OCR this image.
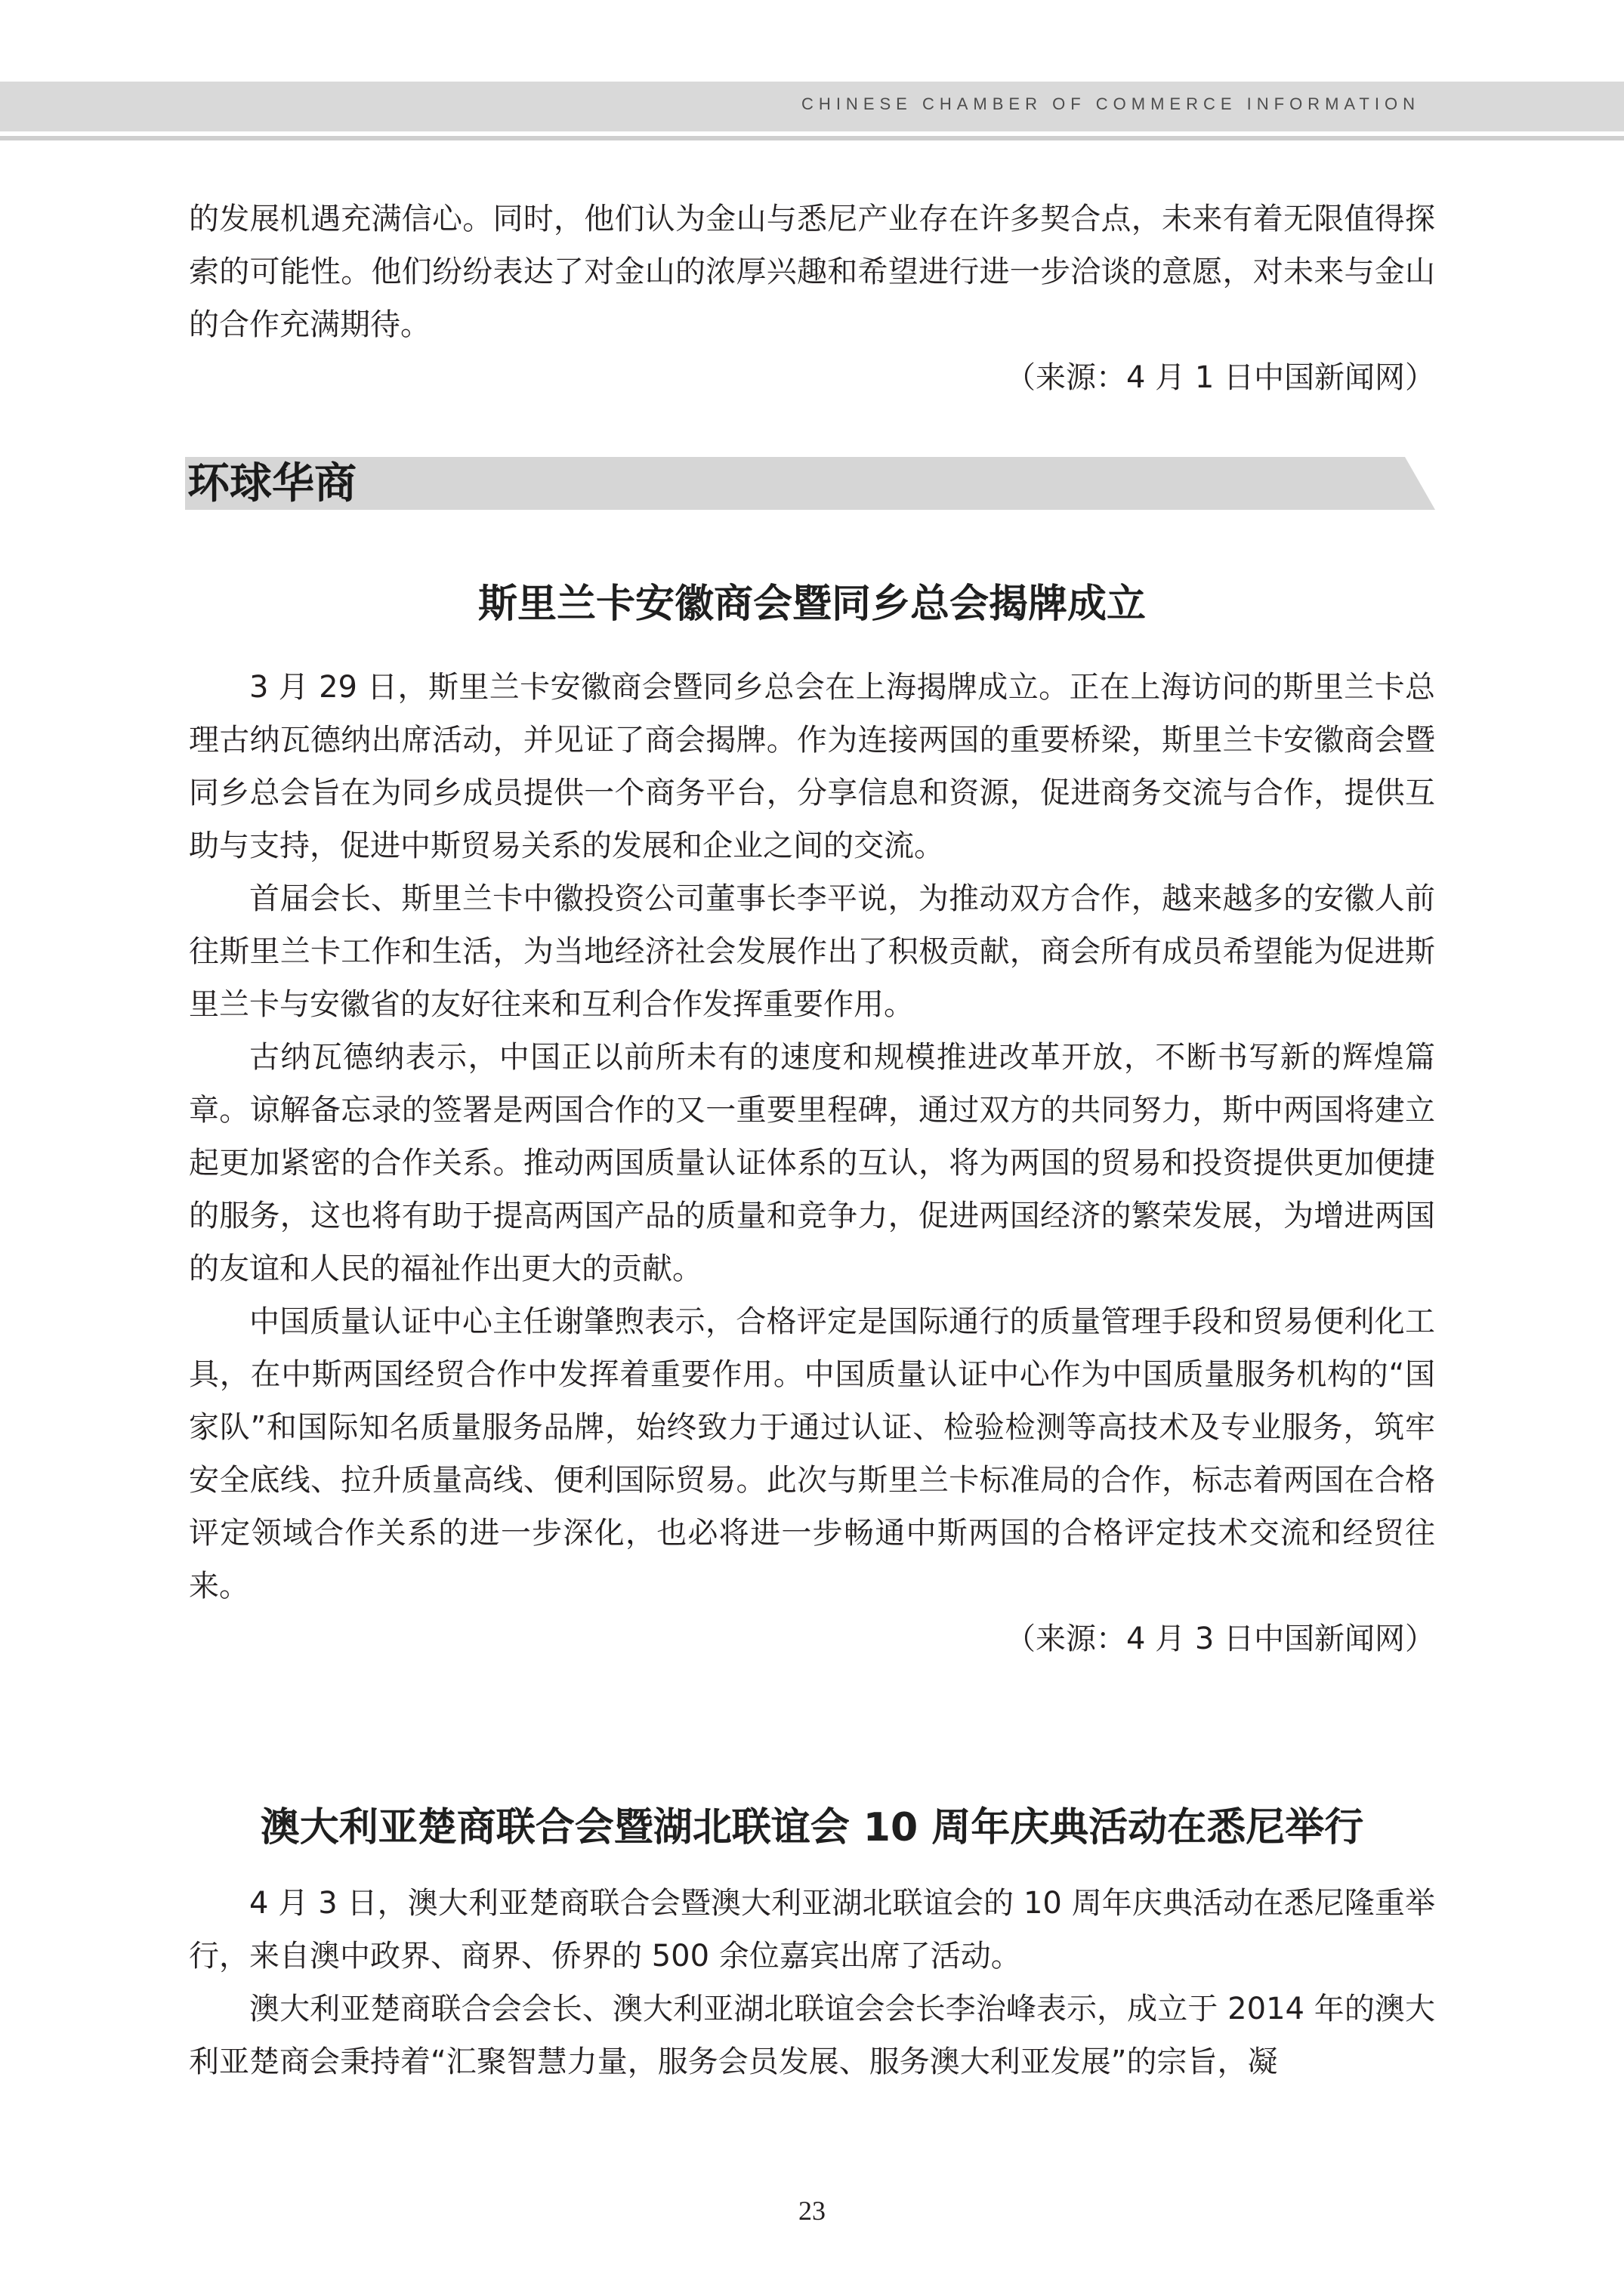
CHINESE CHAMBER OF COMMERCE INFORMATION

的发展机遇充满信心。同时，他们认为金山与悉尼产业存在许多契合点，未来有着无限值得探索的可能性。他们纷纷表达了对金山的浓厚兴趣和希望进行进一步洽谈的意愿，对未来与金山的合作充满期待。

（来源：4 月 1 日中国新闻网）
环球华商
斯里兰卡安徽商会暨同乡总会揭牌成立

3 月 29 日，斯里兰卡安徽商会暨同乡总会在上海揭牌成立。正在上海访问的斯里兰卡总理古纳瓦德纳出席活动，并见证了商会揭牌。作为连接两国的重要桥梁，斯里兰卡安徽商会暨同乡总会旨在为同乡成员提供一个商务平台，分享信息和资源，促进商务交流与合作，提供互助与支持，促进中斯贸易关系的发展和企业之间的交流。

首届会长、斯里兰卡中徽投资公司董事长李平说，为推动双方合作，越来越多的安徽人前往斯里兰卡工作和生活，为当地经济社会发展作出了积极贡献，商会所有成员希望能为促进斯里兰卡与安徽省的友好往来和互利合作发挥重要作用。

古纳瓦德纳表示，中国正以前所未有的速度和规模推进改革开放，不断书写新的辉煌篇章。谅解备忘录的签署是两国合作的又一重要里程碑，通过双方的共同努力，斯中两国将建立起更加紧密的合作关系。推动两国质量认证体系的互认，将为两国的贸易和投资提供更加便捷的服务，这也将有助于提高两国产品的质量和竞争力，促进两国经济的繁荣发展，为增进两国的友谊和人民的福祉作出更大的贡献。

中国质量认证中心主任谢肇煦表示，合格评定是国际通行的质量管理手段和贸易便利化工具，在中斯两国经贸合作中发挥着重要作用。中国质量认证中心作为中国质量服务机构的“国家队”和国际知名质量服务品牌，始终致力于通过认证、检验检测等高技术及专业服务，筑牢安全底线、拉升质量高线、便利国际贸易。此次与斯里兰卡标准局的合作，标志着两国在合格评定领域合作关系的进一步深化，也必将进一步畅通中斯两国的合格评定技术交流和经贸往来。

（来源：4 月 3 日中国新闻网）
澳大利亚楚商联合会暨湖北联谊会 10 周年庆典活动在悉尼举行

4 月 3 日，澳大利亚楚商联合会暨澳大利亚湖北联谊会的 10 周年庆典活动在悉尼隆重举行，来自澳中政界、商界、侨界的 500 余位嘉宾出席了活动。

澳大利亚楚商联合会会长、澳大利亚湖北联谊会会长李治峰表示，成立于 2014 年的澳大利亚楚商会秉持着“汇聚智慧力量，服务会员发展、服务澳大利亚发展”的宗旨，凝

23
